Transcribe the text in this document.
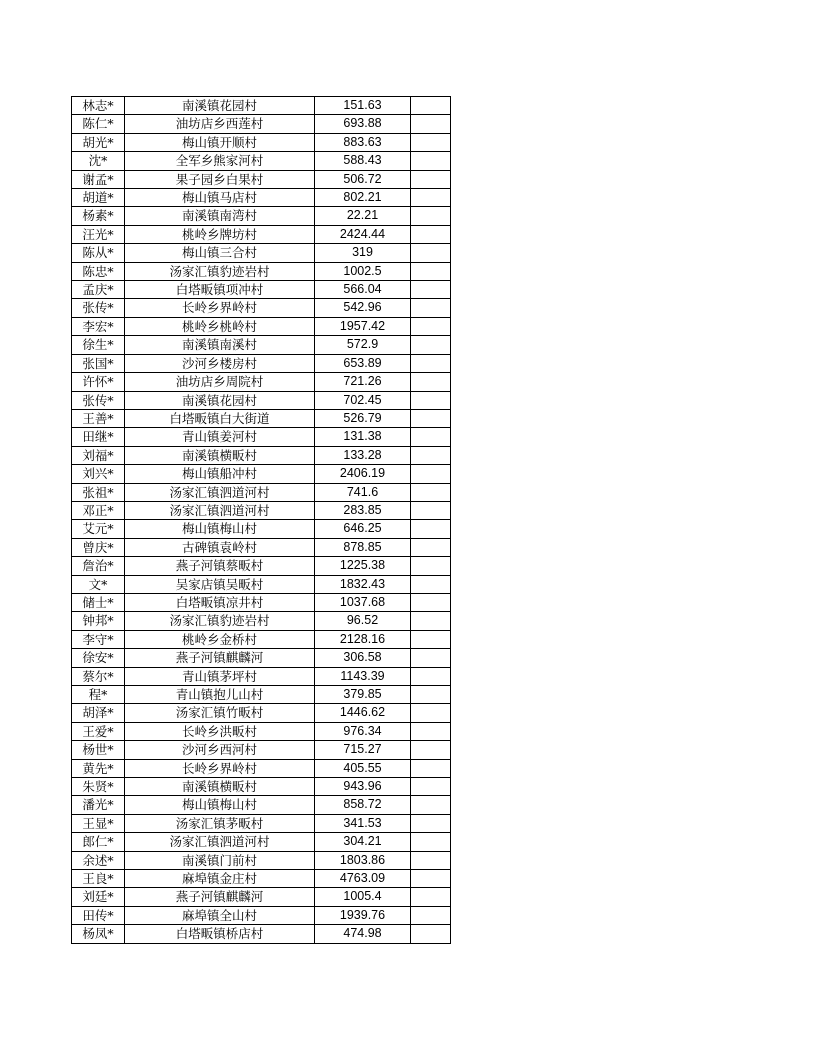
林志*	南溪镇花园村	151.63	
陈仁*	油坊店乡西莲村	693.88	
胡光*	梅山镇开顺村	883.63	
沈*	全军乡熊家河村	588.43	
谢孟*	果子园乡白果村	506.72	
胡道*	梅山镇马店村	802.21	
杨素*	南溪镇南湾村	22.21	
汪光*	桃岭乡牌坊村	2424.44	
陈从*	梅山镇三合村	319	
陈忠*	汤家汇镇豹迹岩村	1002.5	
孟庆*	白塔畈镇项冲村	566.04	
张传*	长岭乡界岭村	542.96	
李宏*	桃岭乡桃岭村	1957.42	
徐生*	南溪镇南溪村	572.9	
张国*	沙河乡楼房村	653.89	
许怀*	油坊店乡周院村	721.26	
张传*	南溪镇花园村	702.45	
王善*	白塔畈镇白大街道	526.79	
田继*	青山镇姜河村	131.38	
刘福*	南溪镇横畈村	133.28	
刘兴*	梅山镇船冲村	2406.19	
张祖*	汤家汇镇泗道河村	741.6	
邓正*	汤家汇镇泗道河村	283.85	
艾元*	梅山镇梅山村	646.25	
曾庆*	古碑镇袁岭村	878.85	
詹治*	燕子河镇蔡畈村	1225.38	
文*	吴家店镇吴畈村	1832.43	
储士*	白塔畈镇凉井村	1037.68	
钟邦*	汤家汇镇豹迹岩村	96.52	
李守*	桃岭乡金桥村	2128.16	
徐安*	燕子河镇麒麟河	306.58	
蔡尔*	青山镇茅坪村	1143.39	
程*	青山镇抱儿山村	379.85	
胡泽*	汤家汇镇竹畈村	1446.62	
王爱*	长岭乡洪畈村	976.34	
杨世*	沙河乡西河村	715.27	
黄先*	长岭乡界岭村	405.55	
朱贤*	南溪镇横畈村	943.96	
潘光*	梅山镇梅山村	858.72	
王显*	汤家汇镇茅畈村	341.53	
郎仁*	汤家汇镇泗道河村	304.21	
余述*	南溪镇门前村	1803.86	
王良*	麻埠镇金庄村	4763.09	
刘廷*	燕子河镇麒麟河	1005.4	
田传*	麻埠镇全山村	1939.76	
杨凤*	白塔畈镇桥店村	474.98	
